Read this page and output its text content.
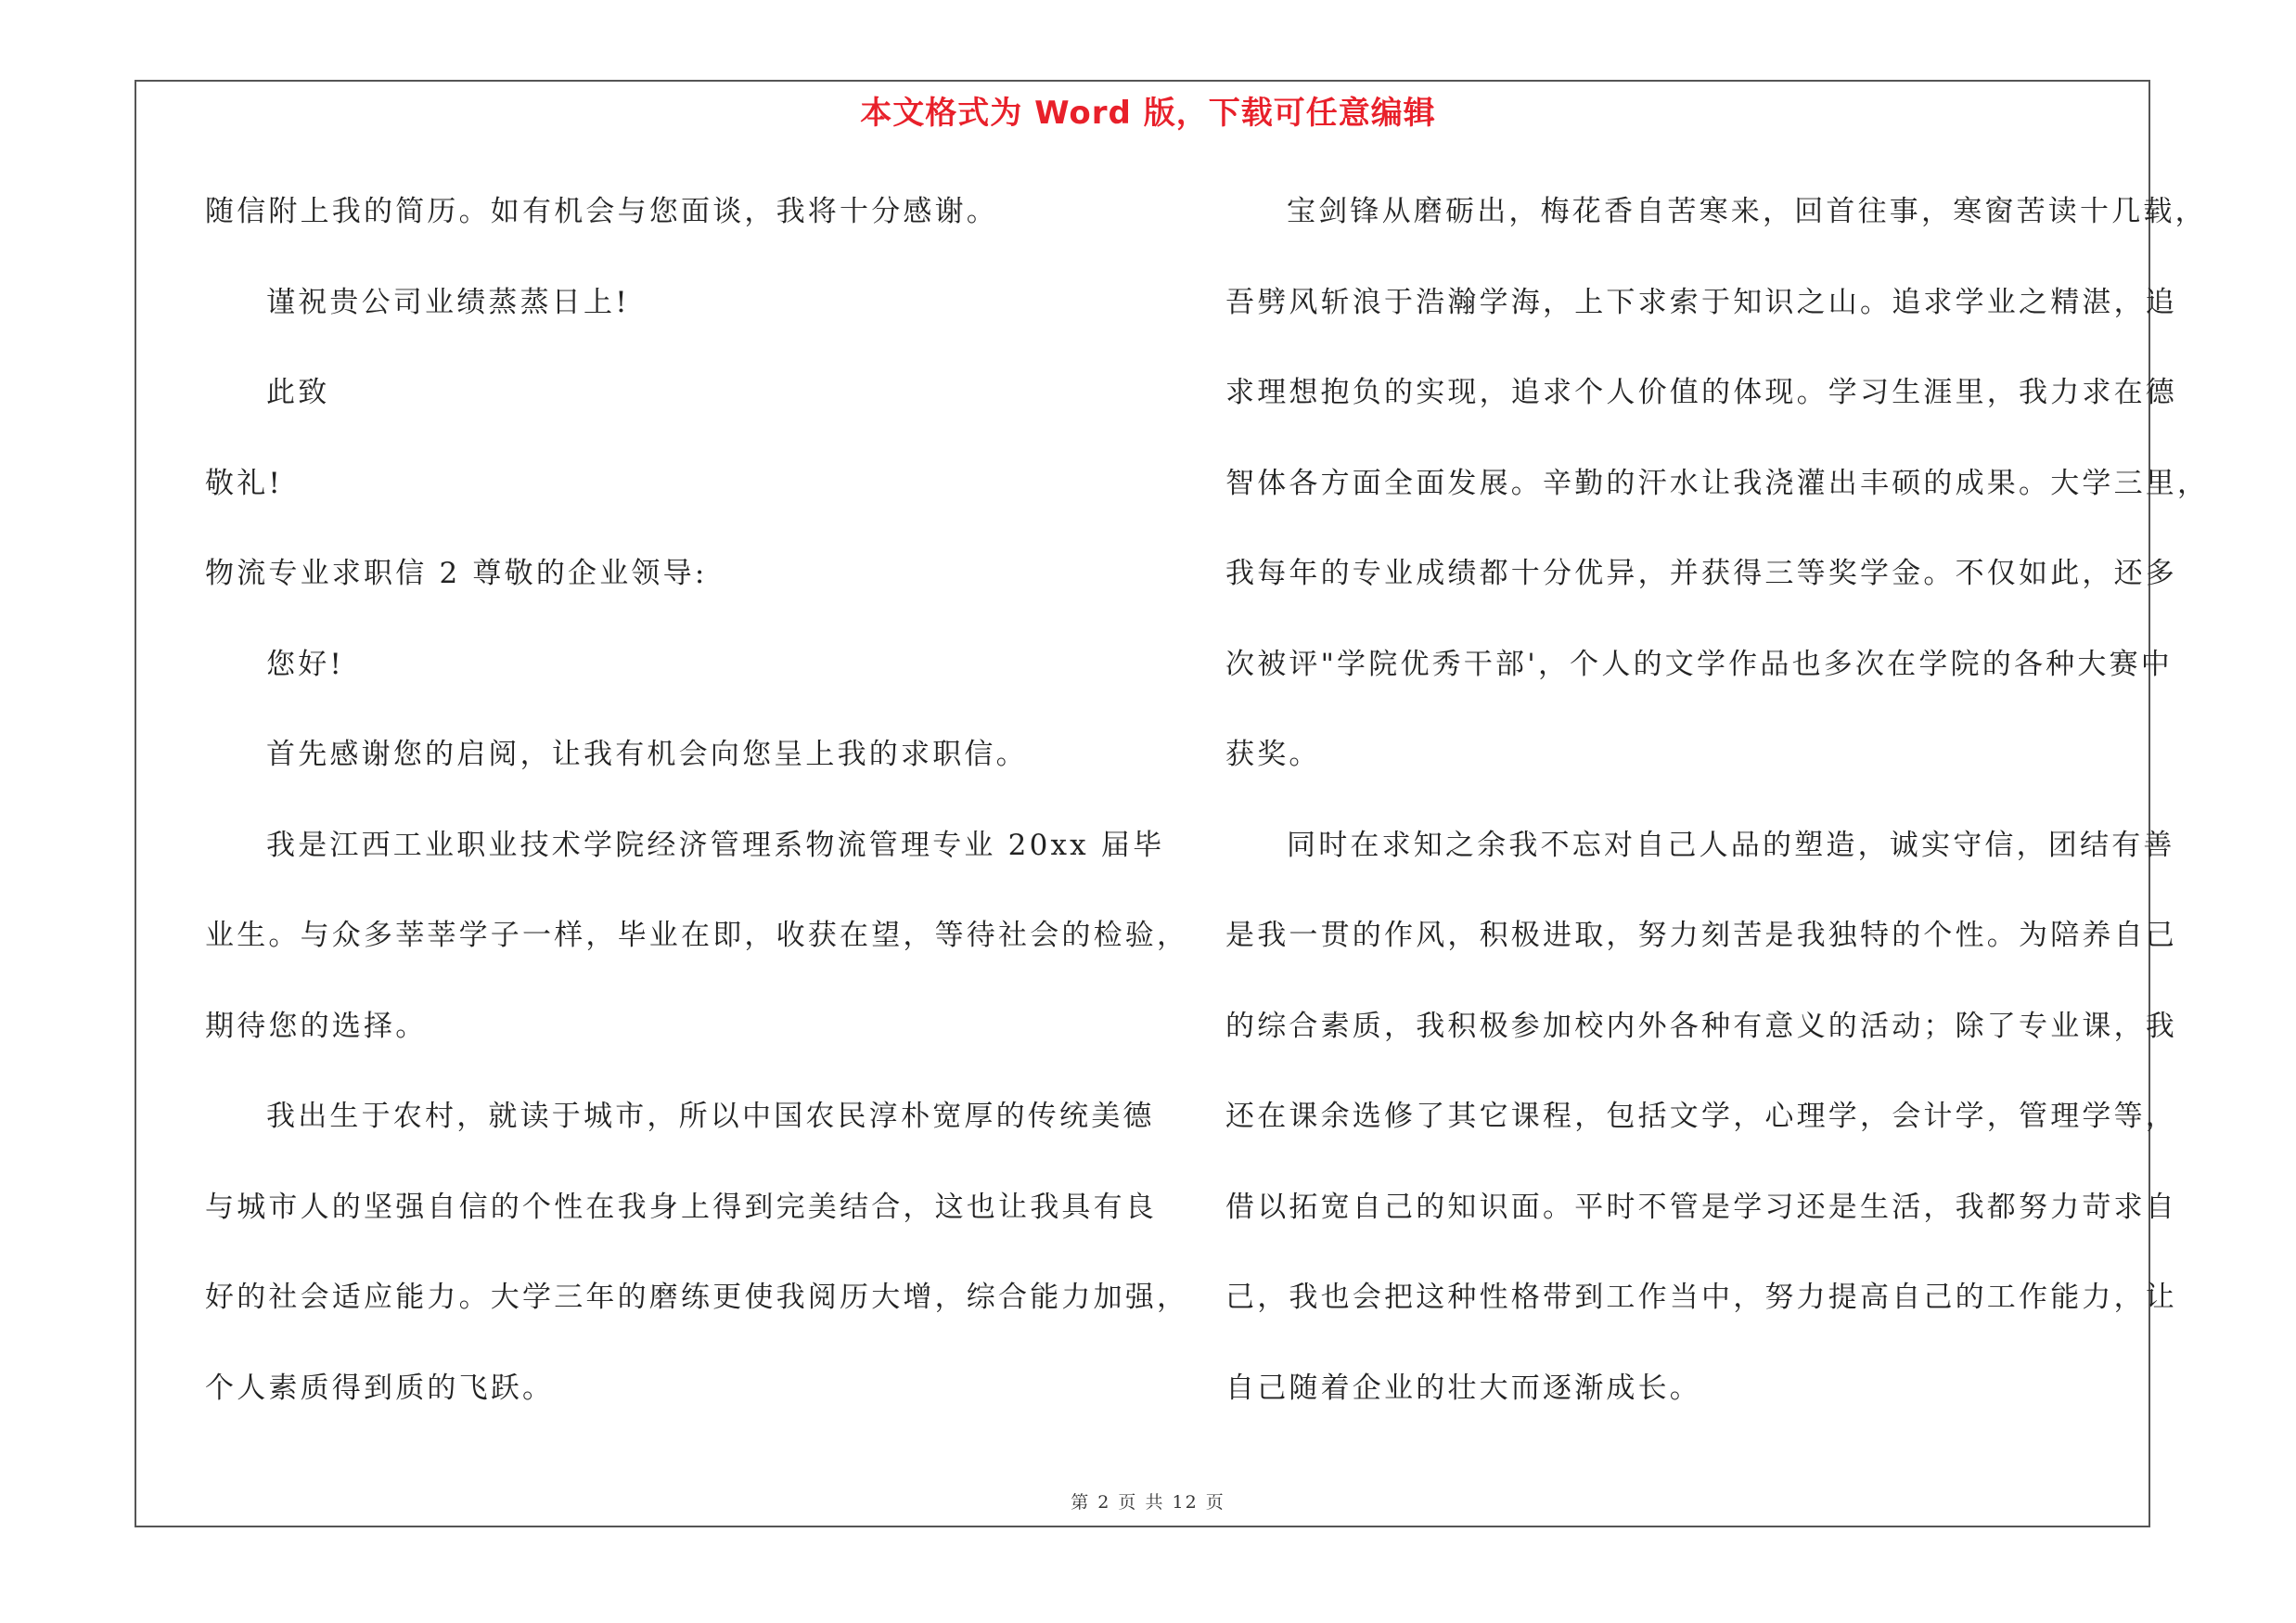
本文格式为 Word 版，下载可任意编辑
随信附上我的简历。如有机会与您面谈，我将十分感谢。
谨祝贵公司业绩蒸蒸日上!
此致
敬礼!
物流专业求职信 2 尊敬的企业领导:
您好!
首先感谢您的启阅，让我有机会向您呈上我的求职信。
我是江西工业职业技术学院经济管理系物流管理专业 20xx 届毕
业生。与众多莘莘学子一样，毕业在即，收获在望，等待社会的检验，
期待您的选择。
我出生于农村，就读于城市，所以中国农民淳朴宽厚的传统美德
与城市人的坚强自信的个性在我身上得到完美结合，这也让我具有良
好的社会适应能力。大学三年的磨练更使我阅历大增，综合能力加强，
个人素质得到质的飞跃。
宝剑锋从磨砺出，梅花香自苦寒来，回首往事，寒窗苦读十几载，
吾劈风斩浪于浩瀚学海，上下求索于知识之山。追求学业之精湛，追
求理想抱负的实现，追求个人价值的体现。学习生涯里，我力求在德
智体各方面全面发展。辛勤的汗水让我浇灌出丰硕的成果。大学三里，
我每年的专业成绩都十分优异，并获得三等奖学金。不仅如此，还多
次被评"学院优秀干部'，个人的文学作品也多次在学院的各种大赛中
获奖。
同时在求知之余我不忘对自己人品的塑造，诚实守信，团结有善
是我一贯的作风，积极进取，努力刻苦是我独特的个性。为陪养自己
的综合素质，我积极参加校内外各种有意义的活动；除了专业课，我
还在课余选修了其它课程，包括文学，心理学，会计学，管理学等，
借以拓宽自己的知识面。平时不管是学习还是生活，我都努力苛求自
己，我也会把这种性格带到工作当中，努力提高自己的工作能力，让
自己随着企业的壮大而逐渐成长。
第 2 页 共 12 页
